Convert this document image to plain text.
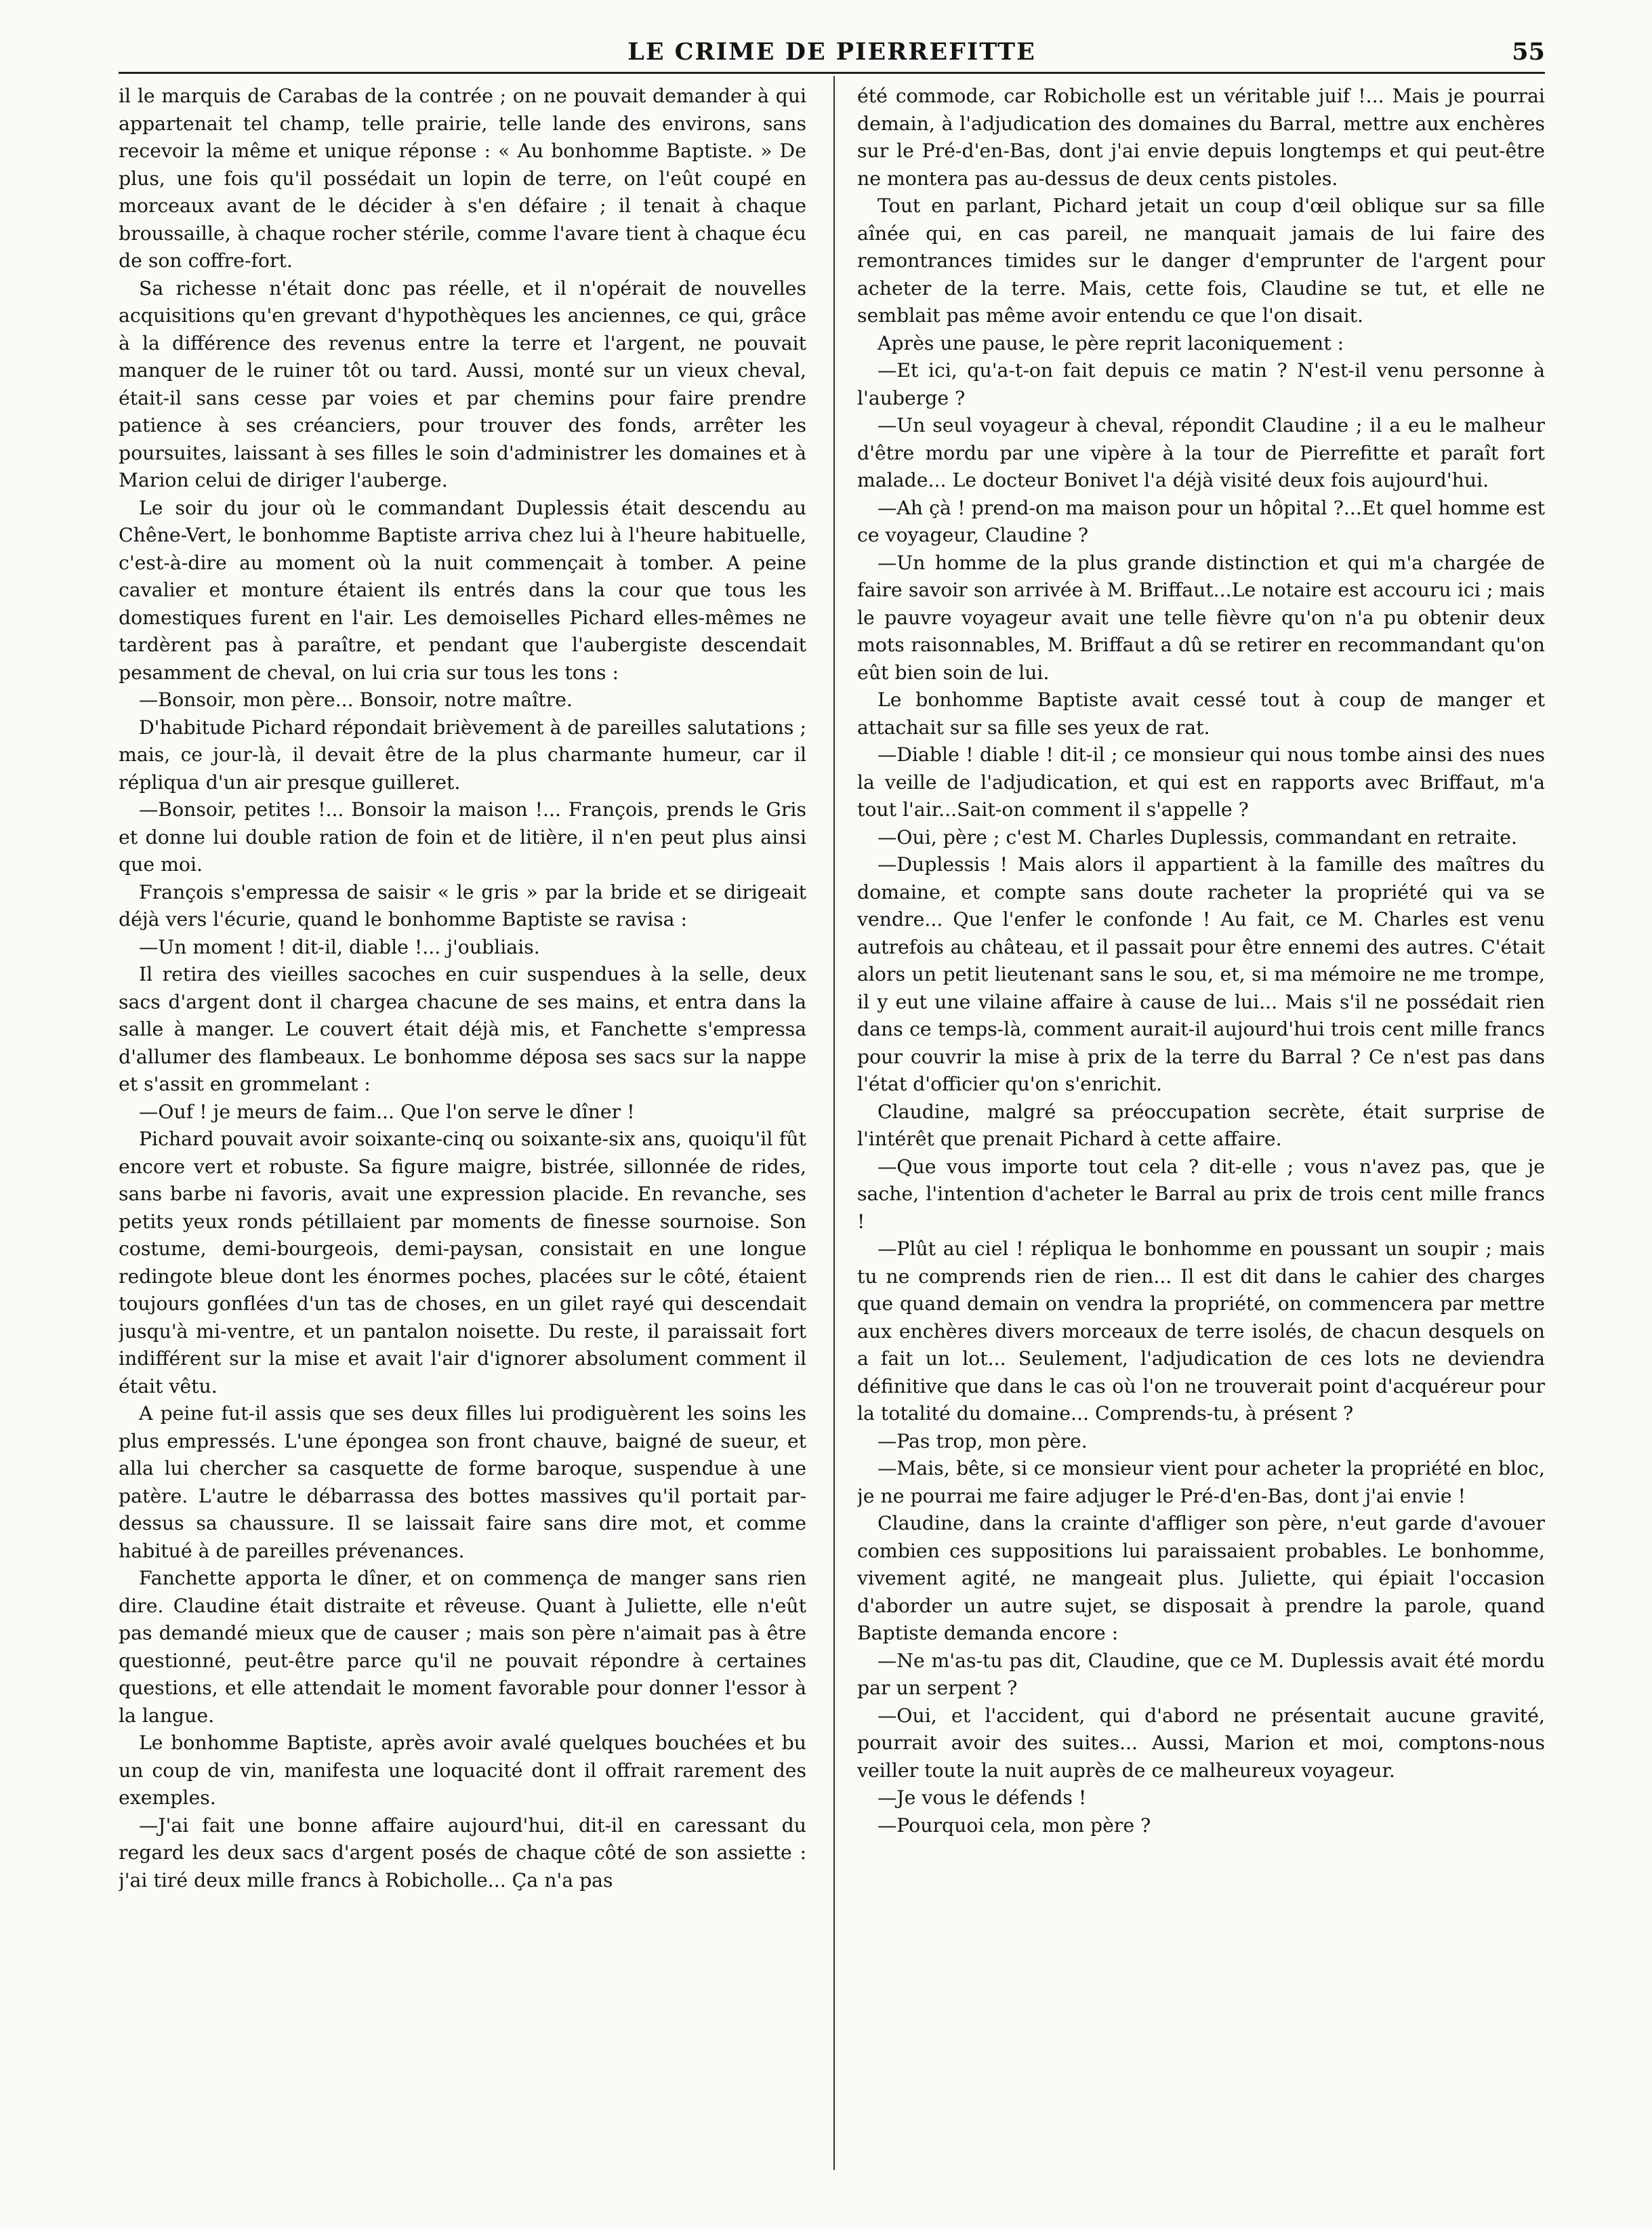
LE CRIME DE PIERREFITTE	55

il le marquis de Carabas de la contrée ; on ne pouvait demander à qui appartenait tel champ, telle prairie, telle lande des environs, sans recevoir la même et unique réponse : « Au bonhomme Baptiste. » De plus, une fois qu'il possédait un lopin de terre, on l'eût coupé en morceaux avant de le décider à s'en défaire ; il tenait à chaque broussaille, à chaque rocher stérile, comme l'avare tient à chaque écu de son coffre-fort.

Sa richesse n'était donc pas réelle, et il n'opérait de nouvelles acquisitions qu'en grevant d'hypothèques les anciennes, ce qui, grâce à la différence des revenus entre la terre et l'argent, ne pouvait manquer de le ruiner tôt ou tard. Aussi, monté sur un vieux cheval, était-il sans cesse par voies et par chemins pour faire prendre patience à ses créanciers, pour trouver des fonds, arrêter les poursuites, laissant à ses filles le soin d'administrer les domaines et à Marion celui de diriger l'auberge.

Le soir du jour où le commandant Duplessis était descendu au Chêne-Vert, le bonhomme Baptiste arriva chez lui à l'heure habituelle, c'est-à-dire au moment où la nuit commençait à tomber. A peine cavalier et monture étaient ils entrés dans la cour que tous les domestiques furent en l'air. Les demoiselles Pichard elles-mêmes ne tardèrent pas à paraître, et pendant que l'aubergiste descendait pesamment de cheval, on lui cria sur tous les tons :

—Bonsoir, mon père... Bonsoir, notre maître.

D'habitude Pichard répondait brièvement à de pareilles salutations ; mais, ce jour-là, il devait être de la plus charmante humeur, car il répliqua d'un air presque guilleret.

—Bonsoir, petites !... Bonsoir la maison !... François, prends le Gris et donne lui double ration de foin et de litière, il n'en peut plus ainsi que moi.

François s'empressa de saisir « le gris » par la bride et se dirigeait déjà vers l'écurie, quand le bonhomme Baptiste se ravisa :

—Un moment ! dit-il, diable !... j'oubliais.

Il retira des vieilles sacoches en cuir suspendues à la selle, deux sacs d'argent dont il chargea chacune de ses mains, et entra dans la salle à manger. Le couvert était déjà mis, et Fanchette s'empressa d'allumer des flambeaux. Le bonhomme déposa ses sacs sur la nappe et s'assit en grommelant :

—Ouf ! je meurs de faim... Que l'on serve le dîner !

Pichard pouvait avoir soixante-cinq ou soixante-six ans, quoiqu'il fût encore vert et robuste. Sa figure maigre, bistrée, sillonnée de rides, sans barbe ni favoris, avait une expression placide. En revanche, ses petits yeux ronds pétillaient par moments de finesse sournoise. Son costume, demi-bourgeois, demi-paysan, consistait en une longue redingote bleue dont les énormes poches, placées sur le côté, étaient toujours gonflées d'un tas de choses, en un gilet rayé qui descendait jusqu'à mi-ventre, et un pantalon noisette. Du reste, il paraissait fort indifférent sur la mise et avait l'air d'ignorer absolument comment il était vêtu.

A peine fut-il assis que ses deux filles lui prodiguèrent les soins les plus empressés. L'une épongea son front chauve, baigné de sueur, et alla lui chercher sa casquette de forme baroque, suspendue à une patère. L'autre le débarrassa des bottes massives qu'il portait par-dessus sa chaussure. Il se laissait faire sans dire mot, et comme habitué à de pareilles prévenances.

Fanchette apporta le dîner, et on commença de manger sans rien dire. Claudine était distraite et rêveuse. Quant à Juliette, elle n'eût pas demandé mieux que de causer ; mais son père n'aimait pas à être questionné, peut-être parce qu'il ne pouvait répondre à certaines questions, et elle attendait le moment favorable pour donner l'essor à la langue.

Le bonhomme Baptiste, après avoir avalé quelques bouchées et bu un coup de vin, manifesta une loquacité dont il offrait rarement des exemples.

—J'ai fait une bonne affaire aujourd'hui, dit-il en caressant du regard les deux sacs d'argent posés de chaque côté de son assiette : j'ai tiré deux mille francs à Robicholle... Ça n'a pas

été commode, car Robicholle est un véritable juif !... Mais je pourrai demain, à l'adjudication des domaines du Barral, mettre aux enchères sur le Pré-d'en-Bas, dont j'ai envie depuis longtemps et qui peut-être ne montera pas au-dessus de deux cents pistoles.

Tout en parlant, Pichard jetait un coup d'œil oblique sur sa fille aînée qui, en cas pareil, ne manquait jamais de lui faire des remontrances timides sur le danger d'emprunter de l'argent pour acheter de la terre. Mais, cette fois, Claudine se tut, et elle ne semblait pas même avoir entendu ce que l'on disait.

Après une pause, le père reprit laconiquement :

—Et ici, qu'a-t-on fait depuis ce matin ? N'est-il venu personne à l'auberge ?

—Un seul voyageur à cheval, répondit Claudine ; il a eu le malheur d'être mordu par une vipère à la tour de Pierrefitte et paraît fort malade... Le docteur Bonivet l'a déjà visité deux fois aujourd'hui.

—Ah çà ! prend-on ma maison pour un hôpital ?...Et quel homme est ce voyageur, Claudine ?

—Un homme de la plus grande distinction et qui m'a chargée de faire savoir son arrivée à M. Briffaut...Le notaire est accouru ici ; mais le pauvre voyageur avait une telle fièvre qu'on n'a pu obtenir deux mots raisonnables, M. Briffaut a dû se retirer en recommandant qu'on eût bien soin de lui.

Le bonhomme Baptiste avait cessé tout à coup de manger et attachait sur sa fille ses yeux de rat.

—Diable ! diable ! dit-il ; ce monsieur qui nous tombe ainsi des nues la veille de l'adjudication, et qui est en rapports avec Briffaut, m'a tout l'air...Sait-on comment il s'appelle ?

—Oui, père ; c'est M. Charles Duplessis, commandant en retraite.

—Duplessis ! Mais alors il appartient à la famille des maîtres du domaine, et compte sans doute racheter la propriété qui va se vendre... Que l'enfer le confonde ! Au fait, ce M. Charles est venu autrefois au château, et il passait pour être ennemi des autres. C'était alors un petit lieutenant sans le sou, et, si ma mémoire ne me trompe, il y eut une vilaine affaire à cause de lui... Mais s'il ne possédait rien dans ce temps-là, comment aurait-il aujourd'hui trois cent mille francs pour couvrir la mise à prix de la terre du Barral ? Ce n'est pas dans l'état d'officier qu'on s'enrichit.

Claudine, malgré sa préoccupation secrète, était surprise de l'intérêt que prenait Pichard à cette affaire.

—Que vous importe tout cela ? dit-elle ; vous n'avez pas, que je sache, l'intention d'acheter le Barral au prix de trois cent mille francs !

—Plût au ciel ! répliqua le bonhomme en poussant un soupir ; mais tu ne comprends rien de rien... Il est dit dans le cahier des charges que quand demain on vendra la propriété, on commencera par mettre aux enchères divers morceaux de terre isolés, de chacun desquels on a fait un lot... Seulement, l'adjudication de ces lots ne deviendra définitive que dans le cas où l'on ne trouverait point d'acquéreur pour la totalité du domaine... Comprends-tu, à présent ?

—Pas trop, mon père.

—Mais, bête, si ce monsieur vient pour acheter la propriété en bloc, je ne pourrai me faire adjuger le Pré-d'en-Bas, dont j'ai envie !

Claudine, dans la crainte d'affliger son père, n'eut garde d'avouer combien ces suppositions lui paraissaient probables. Le bonhomme, vivement agité, ne mangeait plus. Juliette, qui épiait l'occasion d'aborder un autre sujet, se disposait à prendre la parole, quand Baptiste demanda encore :

—Ne m'as-tu pas dit, Claudine, que ce M. Duplessis avait été mordu par un serpent ?

—Oui, et l'accident, qui d'abord ne présentait aucune gravité, pourrait avoir des suites... Aussi, Marion et moi, comptons-nous veiller toute la nuit auprès de ce malheureux voyageur.

—Je vous le défends !

—Pourquoi cela, mon père ?
